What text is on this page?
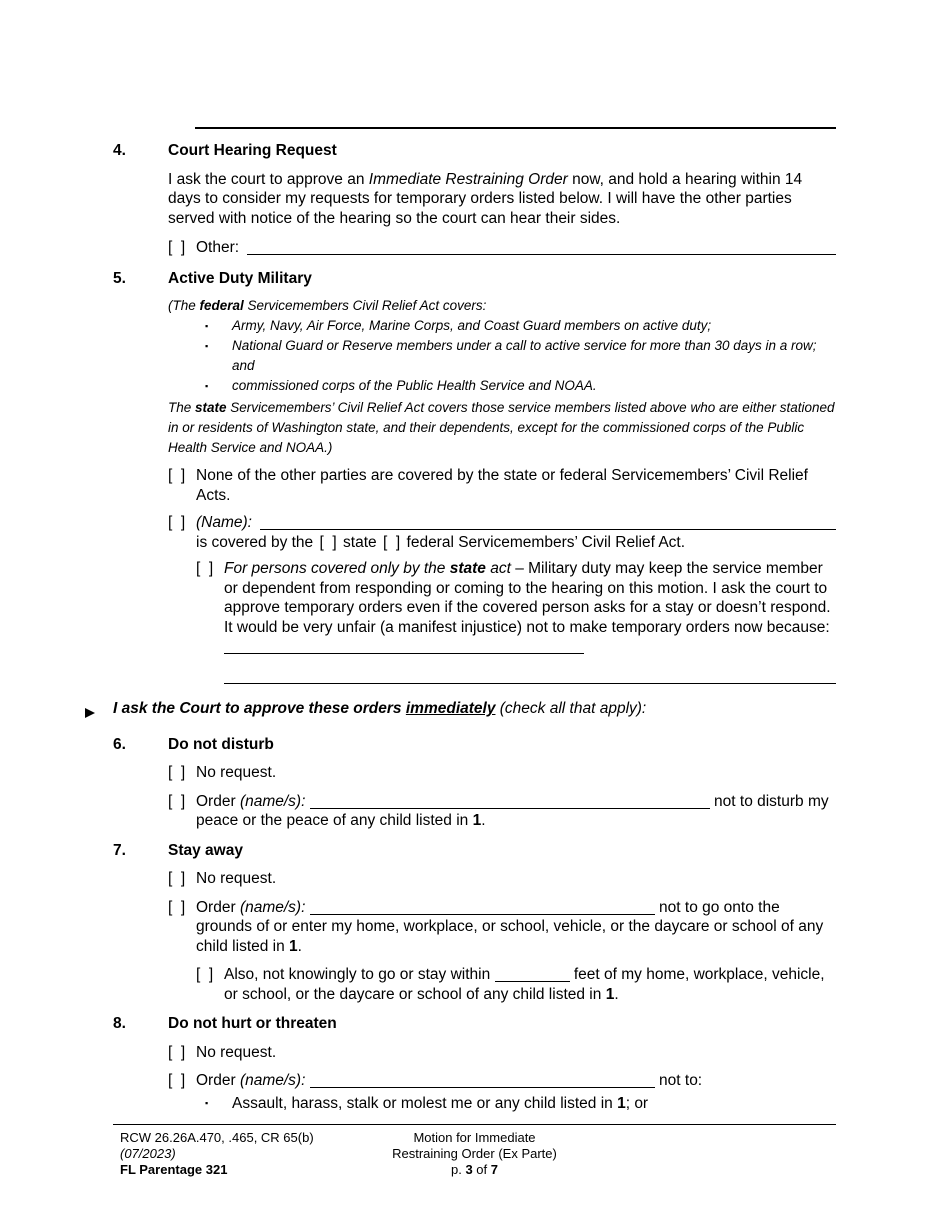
4.	Court Hearing Request
I ask the court to approve an Immediate Restraining Order now, and hold a hearing within 14 days to consider my requests for temporary orders listed below. I will have the other parties served with notice of the hearing so the court can hear their sides.
[  ] Other:
5.	Active Duty Military
(The federal Servicemembers Civil Relief Act covers:
▪	Army, Navy, Air Force, Marine Corps, and Coast Guard members on active duty;
▪	National Guard or Reserve members under a call to active service for more than 30 days in a row; and
▪	commissioned corps of the Public Health Service and NOAA.
The state Servicemembers’ Civil Relief Act covers those service members listed above who are either stationed in or residents of Washington state, and their dependents, except for the commissioned corps of the Public Health Service and NOAA.)
[  ] None of the other parties are covered by the state or federal Servicemembers’ Civil Relief Acts.
[  ] (Name):
is covered by the [  ] state [  ] federal Servicemembers’ Civil Relief Act.
[  ] For persons covered only by the state act – Military duty may keep the service member or dependent from responding or coming to the hearing on this motion. I ask the court to approve temporary orders even if the covered person asks for a stay or doesn’t respond. It would be very unfair (a manifest injustice) not to make temporary orders now because:
I ask the Court to approve these orders immediately (check all that apply):
6.	Do not disturb
[  ] No request.
[  ] Order (name/s):	not to disturb my peace or the peace of any child listed in 1.
7.	Stay away
[  ] No request.
[  ] Order (name/s):	not to go onto the grounds of or enter my home, workplace, or school, vehicle, or the daycare or school of any child listed in 1.
[  ] Also, not knowingly to go or stay within	feet of my home, workplace, vehicle, or school, or the daycare or school of any child listed in 1.
8.	Do not hurt or threaten
[  ] No request.
[  ] Order (name/s):	not to:
▪	Assault, harass, stalk or molest me or any child listed in 1; or
RCW 26.26A.470, .465, CR 65(b)
(07/2023)
FL Parentage 321
Motion for Immediate
Restraining Order (Ex Parte)
p. 3 of 7
